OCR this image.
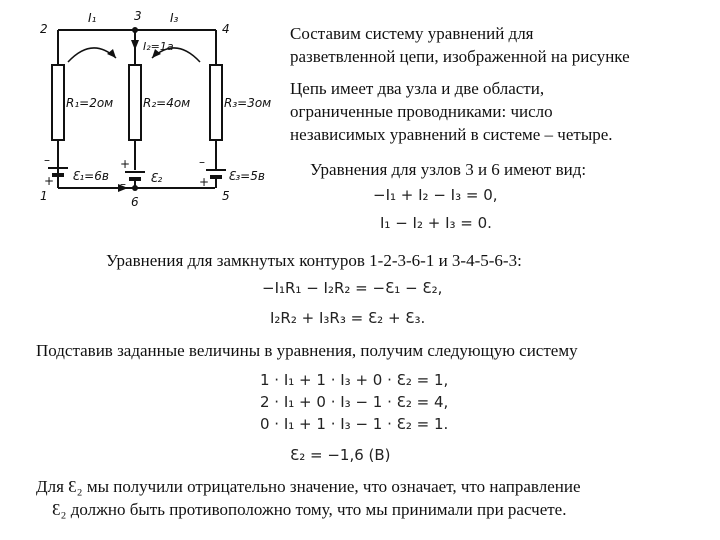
2
3
4
1	6	5
I₁	I₃
I₂=1a
R₁=2ом R₂=4ом	R₃=3ом
Ɛ₁=6в	Ɛ₂	Ɛ₃=5в
–
+
+
–
–
+
Составим систему уравнений для
разветвленной цепи, изображенной на рисунке
Цепь имеет два узла и две области,
ограниченные проводниками: число
независимых уравнений в системе – четыре.
Уравнения для узлов 3 и 6 имеют вид:
−I₁ + I₂ − I₃ = 0,
I₁ − I₂ + I₃ = 0.
Уравнения для замкнутых контуров 1-2-3-6-1 и 3-4-5-6-3:
−I₁R₁ − I₂R₂ = −Ɛ₁ − Ɛ₂,
I₂R₂ + I₃R₃ = Ɛ₂ + Ɛ₃.
Подставив заданные величины в уравнения, получим следующую систему
1 · I₁ + 1 · I₃ + 0 · Ɛ₂ = 1,
2 · I₁ + 0 · I₃ − 1 · Ɛ₂ = 4,
0 · I₁ + 1 · I₃ − 1 · Ɛ₂ = 1.
Ɛ₂ = −1,6 (В)
Для Ɛ₂ мы получили отрицательно значение, что означает, что направление
Ɛ₂ должно быть противоположно тому, что мы принимали при расчете.
